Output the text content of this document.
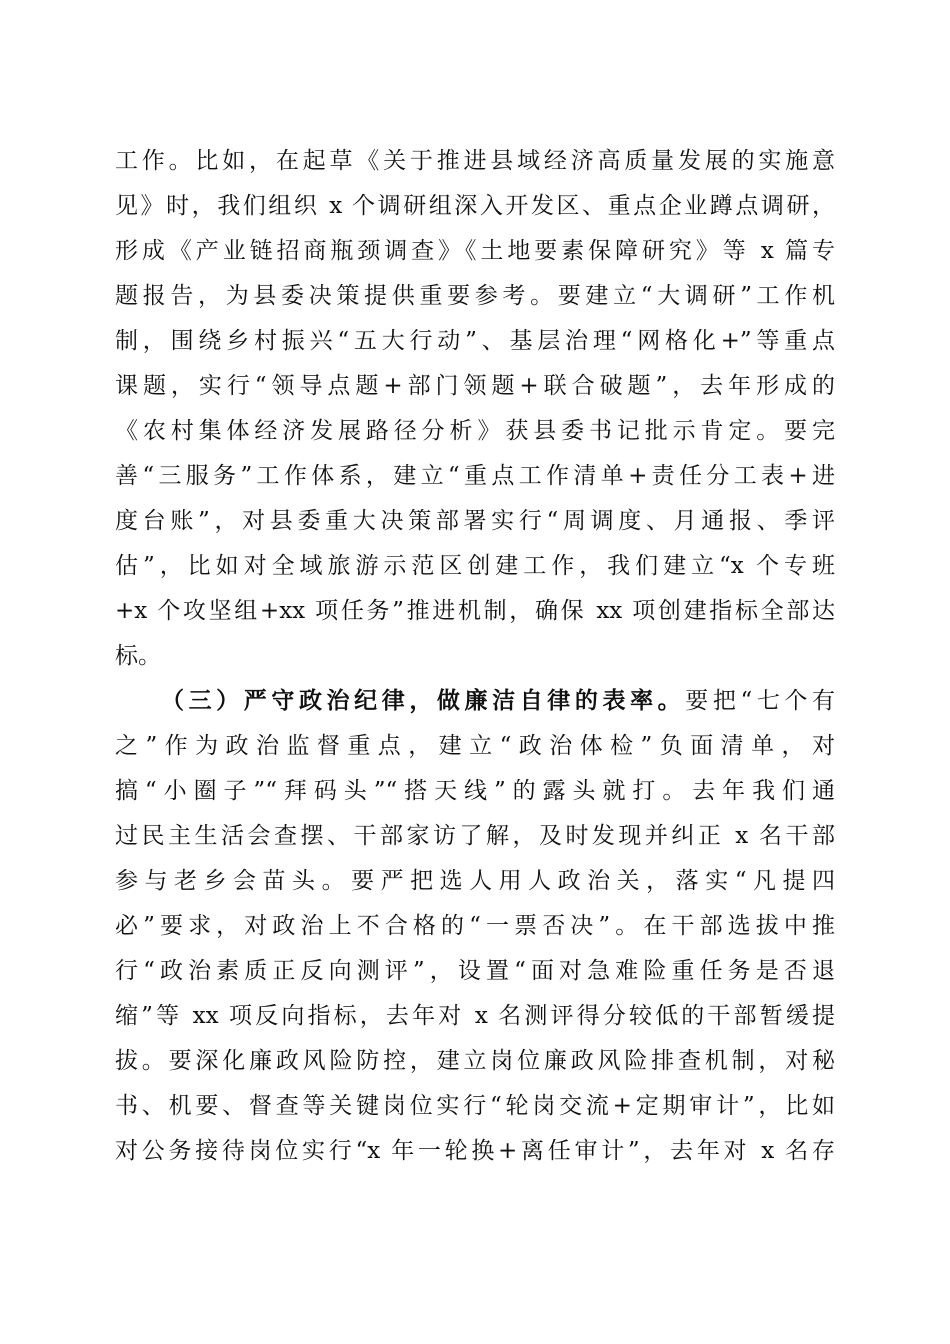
工作。比如，在起草《关于推进县域经济高质量发展的实施意
见》时，我们组织 x 个调研组深入开发区、重点企业蹲点调研，
形成《产业链招商瓶颈调查》《土地要素保障研究》等 x 篇专
题报告，为县委决策提供重要参考。要建立“大调研”工作机
制，围绕乡村振兴“五大行动”、基层治理“网格化+”等重点
课题，实行“领导点题+部门领题+联合破题”，去年形成的
《农村集体经济发展路径分析》获县委书记批示肯定。要完
善“三服务”工作体系，建立“重点工作清单+责任分工表+进
度台账”，对县委重大决策部署实行“周调度、月通报、季评
估”，比如对全域旅游示范区创建工作，我们建立“x 个专班
+x 个攻坚组+xx 项任务”推进机制，确保 xx 项创建指标全部达
标。
（三）严守政治纪律，做廉洁自律的表率。要把“七个有
之”作为政治监督重点，建立“政治体检”负面清单，对
搞“小圈子”“拜码头”“搭天线”的露头就打。去年我们通
过民主生活会查摆、干部家访了解，及时发现并纠正 x 名干部
参与老乡会苗头。要严把选人用人政治关，落实“凡提四
必”要求，对政治上不合格的“一票否决”。在干部选拔中推
行“政治素质正反向测评”，设置“面对急难险重任务是否退
缩”等 xx 项反向指标，去年对 x 名测评得分较低的干部暂缓提
拔。要深化廉政风险防控，建立岗位廉政风险排查机制，对秘
书、机要、督查等关键岗位实行“轮岗交流+定期审计”，比如
对公务接待岗位实行“x 年一轮换+离任审计”，去年对 x 名存
